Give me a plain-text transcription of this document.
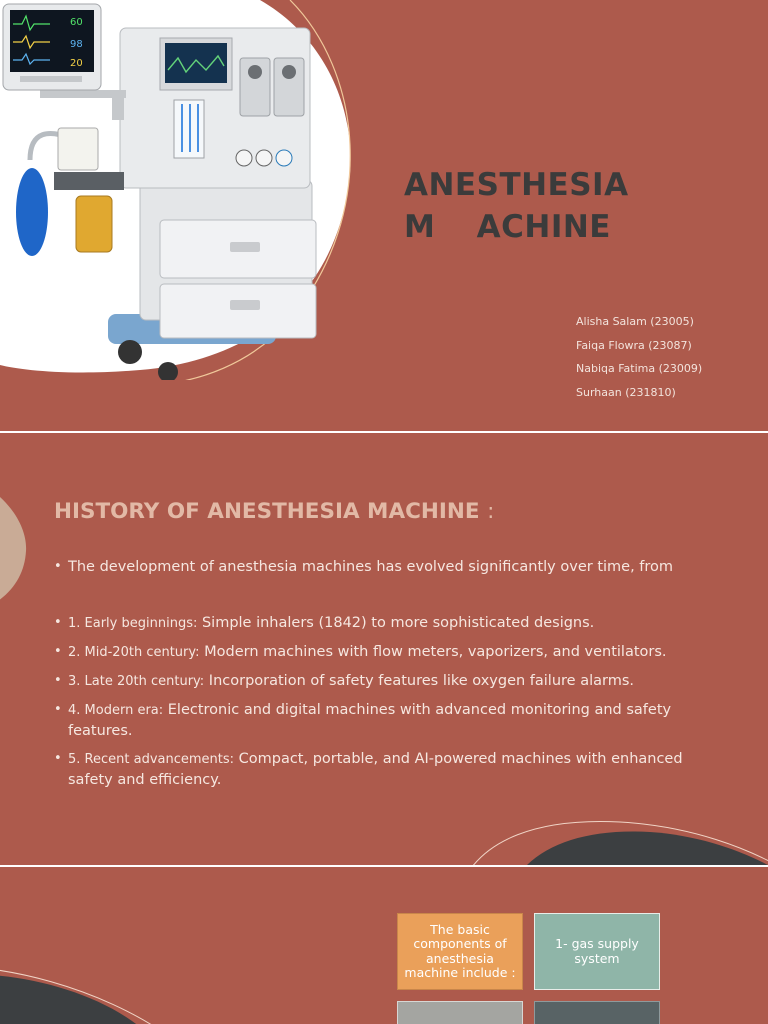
60
98
20
ANESTHESIA M ACHINE
Alisha Salam (23005)
Faiqa Flowra (23087)
Nabiqa Fatima (23009)
Surhaan (231810)
HISTORY OF ANESTHESIA MACHINE :
• The development of anesthesia machines has evolved significantly over time, from
• 1. Early beginnings: Simple inhalers (1842) to more sophisticated designs.
• 2. Mid-20th century: Modern machines with flow meters, vaporizers, and ventilators.
• 3. Late 20th century: Incorporation of safety features like oxygen failure alarms.
• 4. Modern era: Electronic and digital machines with advanced monitoring and safety features.
• 5. Recent advancements: Compact, portable, and AI-powered machines with enhanced safety and efficiency.
The basic components of anesthesia machine include :
1- gas supply system
